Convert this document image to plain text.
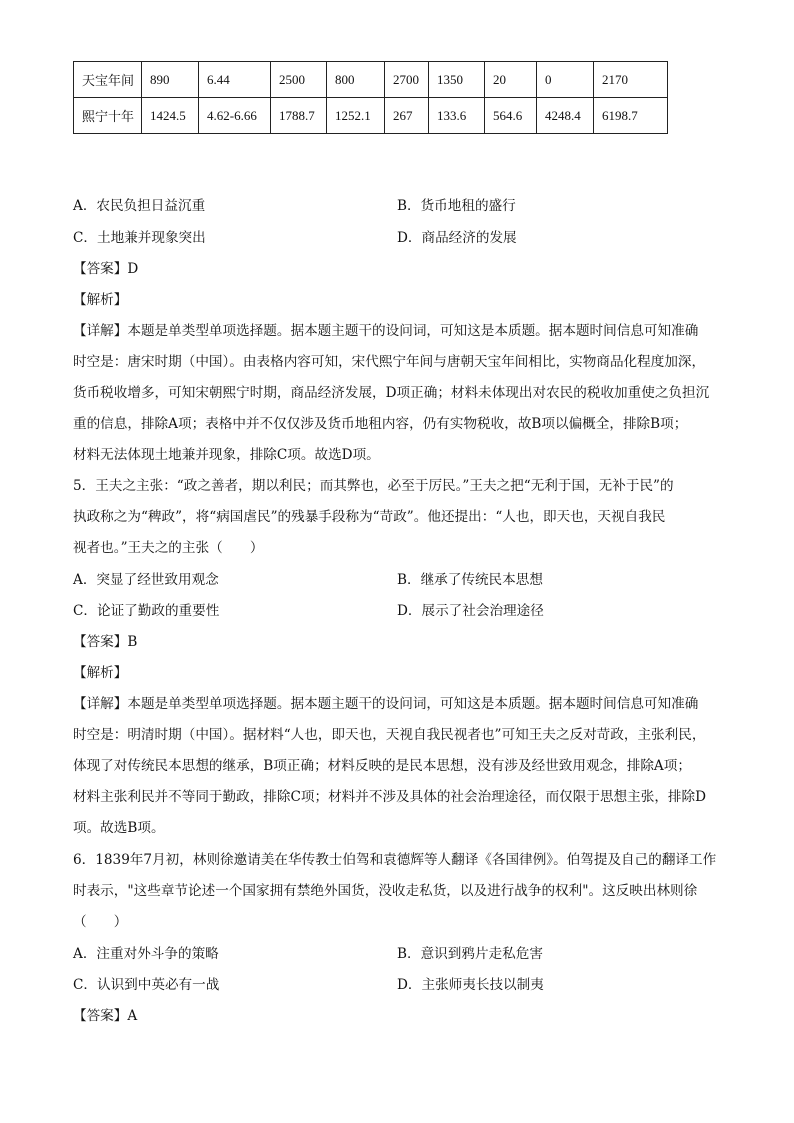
天宝年间	890	6.44	2500	800	2700	1350	20	0	2170
熙宁十年	1424.5	4.62-6.66	1788.7	1252.1	267	133.6	564.6	4248.4	6198.7
A．农民负担日益沉重	B．货币地租的盛行
C．土地兼并现象突出	D．商品经济的发展
【答案】D
【解析】
【详解】本题是单类型单项选择题。据本题主题干的设问词，可知这是本质题。据本题时间信息可知准确
时空是：唐宋时期（中国）。由表格内容可知，宋代熙宁年间与唐朝天宝年间相比，实物商品化程度加深，
货币税收增多，可知宋朝熙宁时期，商品经济发展，D项正确；材料未体现出对农民的税收加重使之负担沉
重的信息，排除A项；表格中并不仅仅涉及货币地租内容，仍有实物税收，故B项以偏概全，排除B项；
材料无法体现土地兼并现象，排除C项。故选D项。
5．王夫之主张：“政之善者，期以利民；而其弊也，必至于厉民。”王夫之把“无利于国，无补于民”的
执政称之为“稗政”，将“病国虐民”的残暴手段称为“苛政”。他还提出：“人也，即天也，天视自我民
视者也。”王夫之的主张（　　）
A．突显了经世致用观念	B．继承了传统民本思想
C．论证了勤政的重要性	D．展示了社会治理途径
【答案】B
【解析】
【详解】本题是单类型单项选择题。据本题主题干的设问词，可知这是本质题。据本题时间信息可知准确
时空是：明清时期（中国）。据材料“人也，即天也，天视自我民视者也”可知王夫之反对苛政，主张利民，
体现了对传统民本思想的继承，B项正确；材料反映的是民本思想，没有涉及经世致用观念，排除A项；
材料主张利民并不等同于勤政，排除C项；材料并不涉及具体的社会治理途径，而仅限于思想主张，排除D
项。故选B项。
6．1839年7月初，林则徐邀请美在华传教士伯驾和袁德辉等人翻译《各国律例》。伯驾提及自己的翻译工作
时表示，"这些章节论述一个国家拥有禁绝外国货，没收走私货，以及进行战争的权利"。这反映出林则徐
（　　）
A．注重对外斗争的策略	B．意识到鸦片走私危害
C．认识到中英必有一战	D．主张师夷长技以制夷
【答案】A
